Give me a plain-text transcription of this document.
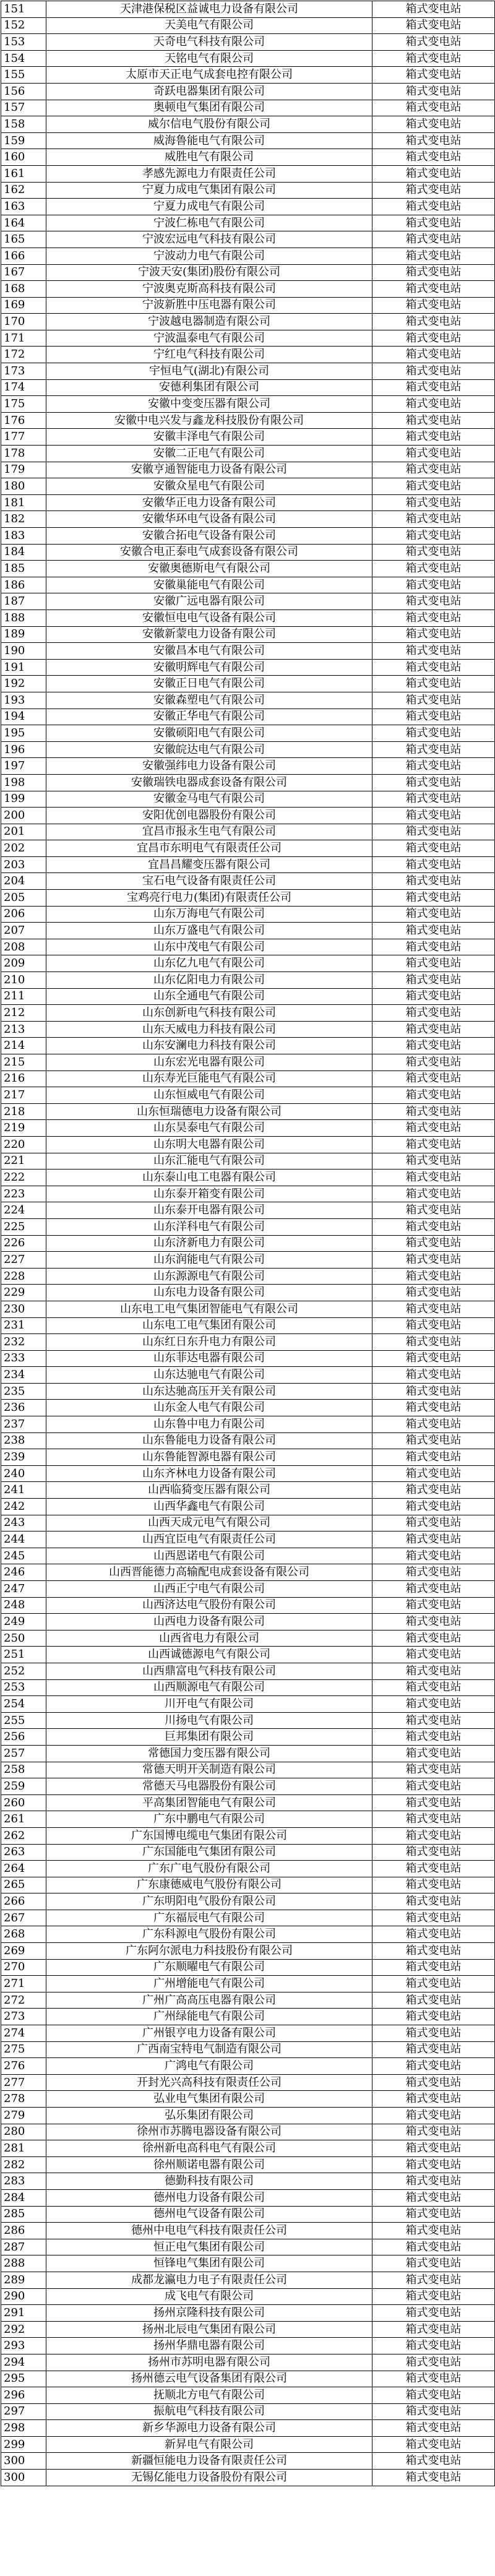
151	天津港保税区益诚电力设备有限公司	箱式变电站
152	天美电气有限公司	箱式变电站
153	天奇电气科技有限公司	箱式变电站
154	天铭电气有限公司	箱式变电站
155	太原市天正电气成套电控有限公司	箱式变电站
156	奇跃电器集团有限公司	箱式变电站
157	奥顿电气集团有限公司	箱式变电站
158	威尔信电气股份有限公司	箱式变电站
159	威海鲁能电气有限公司	箱式变电站
160	威胜电气有限公司	箱式变电站
161	孝感先源电力有限责任公司	箱式变电站
162	宁夏力成电气集团有限公司	箱式变电站
163	宁夏力成电气有限公司	箱式变电站
164	宁波仁栋电气有限公司	箱式变电站
165	宁波宏远电气科技有限公司	箱式变电站
166	宁波动力电气有限公司	箱式变电站
167	宁波天安(集团)股份有限公司	箱式变电站
168	宁波奥克斯高科技有限公司	箱式变电站
169	宁波新胜中压电器有限公司	箱式变电站
170	宁波越电器制造有限公司	箱式变电站
171	宁波温泰电气有限公司	箱式变电站
172	宁红电气科技有限公司	箱式变电站
173	宇恒电气(湖北)有限公司	箱式变电站
174	安德利集团有限公司	箱式变电站
175	安徽中变变压器有限公司	箱式变电站
176	安徽中电兴发与鑫龙科技股份有限公司	箱式变电站
177	安徽丰泽电气有限公司	箱式变电站
178	安徽二正电气有限公司	箱式变电站
179	安徽亨通智能电力设备有限公司	箱式变电站
180	安徽众星电气有限公司	箱式变电站
181	安徽华正电力设备有限公司	箱式变电站
182	安徽华环电气设备有限公司	箱式变电站
183	安徽合拓电气设备有限公司	箱式变电站
184	安徽合电正泰电气成套设备有限公司	箱式变电站
185	安徽奥德斯电气有限公司	箱式变电站
186	安徽巢能电气有限公司	箱式变电站
187	安徽广远电器有限公司	箱式变电站
188	安徽恒电电气设备有限公司	箱式变电站
189	安徽新蒙电力设备有限公司	箱式变电站
190	安徽昌本电气有限公司	箱式变电站
191	安徽明辉电气有限公司	箱式变电站
192	安徽正日电气有限公司	箱式变电站
193	安徽森塑电气有限公司	箱式变电站
194	安徽正华电气有限公司	箱式变电站
195	安徽硕阳电气有限公司	箱式变电站
196	安徽皖达电气有限公司	箱式变电站
197	安徽强纬电力设备有限公司	箱式变电站
198	安徽瑞铁电器成套设备有限公司	箱式变电站
199	安徽金马电气有限公司	箱式变电站
200	安阳优创电器股份有限公司	箱式变电站
201	宜昌市报永生电气有限公司	箱式变电站
202	宜昌市东明电气有限责任公司	箱式变电站
203	宜昌昌耀变压器有限公司	箱式变电站
204	宝石电气设备有限责任公司	箱式变电站
205	宝鸡亮行电力(集团)有限责任公司	箱式变电站
206	山东万海电气有限公司	箱式变电站
207	山东万盛电气有限公司	箱式变电站
208	山东中茂电气有限公司	箱式变电站
209	山东亿九电气有限公司	箱式变电站
210	山东亿阳电力有限公司	箱式变电站
211	山东全通电气有限公司	箱式变电站
212	山东创新电气科技有限公司	箱式变电站
213	山东天威电力科技有限公司	箱式变电站
214	山东安澜电力科技有限公司	箱式变电站
215	山东宏光电器有限公司	箱式变电站
216	山东寿光巨能电气有限公司	箱式变电站
217	山东恒威电气有限公司	箱式变电站
218	山东恒瑞德电力设备有限公司	箱式变电站
219	山东昊泰电气有限公司	箱式变电站
220	山东明大电器有限公司	箱式变电站
221	山东汇能电气有限公司	箱式变电站
222	山东泰山电工电器有限公司	箱式变电站
223	山东泰开箱变有限公司	箱式变电站
224	山东泰开电器有限公司	箱式变电站
225	山东洋科电气有限公司	箱式变电站
226	山东济新电力有限公司	箱式变电站
227	山东润能电气有限公司	箱式变电站
228	山东源源电气有限公司	箱式变电站
229	山东电力设备有限公司	箱式变电站
230	山东电工电气集团智能电气有限公司	箱式变电站
231	山东电工电气集团有限公司	箱式变电站
232	山东红日东升电力有限公司	箱式变电站
233	山东菲达电器有限公司	箱式变电站
234	山东达驰电气有限公司	箱式变电站
235	山东达驰高压开关有限公司	箱式变电站
236	山东金人电气有限公司	箱式变电站
237	山东鲁中电力有限公司	箱式变电站
238	山东鲁能电力设备有限公司	箱式变电站
239	山东鲁能智源电器有限公司	箱式变电站
240	山东齐林电力设备有限公司	箱式变电站
241	山西临猗变压器有限公司	箱式变电站
242	山西华鑫电气有限公司	箱式变电站
243	山西天成元电气有限公司	箱式变电站
244	山西宜臣电气有限责任公司	箱式变电站
245	山西恩诺电气有限公司	箱式变电站
246	山西晋能德力高输配电成套设备有限公司	箱式变电站
247	山西正宁电气有限公司	箱式变电站
248	山西济达电气股份有限公司	箱式变电站
249	山西电力设备有限公司	箱式变电站
250	山西省电力有限公司	箱式变电站
251	山西诚德源电气有限公司	箱式变电站
252	山西鼎富电气科技有限公司	箱式变电站
253	山西顺源电气有限公司	箱式变电站
254	川开电气有限公司	箱式变电站
255	川扬电气有限公司	箱式变电站
256	巨邦集团有限公司	箱式变电站
257	常德国力变压器有限公司	箱式变电站
258	常德天明开关制造有限公司	箱式变电站
259	常德天马电器股份有限公司	箱式变电站
260	平高集团智能电气有限公司	箱式变电站
261	广东中鹏电气有限公司	箱式变电站
262	广东国博电缆电气集团有限公司	箱式变电站
263	广东国能电气集团有限公司	箱式变电站
264	广东广电气股份有限公司	箱式变电站
265	广东康德威电气股份有限公司	箱式变电站
266	广东明阳电气股份有限公司	箱式变电站
267	广东福辰电气有限公司	箱式变电站
268	广东科源电气股份有限公司	箱式变电站
269	广东阿尔派电力科技股份有限公司	箱式变电站
270	广东顺曜电气有限公司	箱式变电站
271	广州增能电气有限公司	箱式变电站
272	广州广高高压电器有限公司	箱式变电站
273	广州绿能电气有限公司	箱式变电站
274	广州银亨电力设备有限公司	箱式变电站
275	广西南宝特电气制造有限公司	箱式变电站
276	广鸿电气有限公司	箱式变电站
277	开封光兴高科技有限责任公司	箱式变电站
278	弘业电气集团有限公司	箱式变电站
279	弘乐集团有限公司	箱式变电站
280	徐州市苏腾电器设备有限公司	箱式变电站
281	徐州新电高科电气有限公司	箱式变电站
282	徐州顺诺电器有限公司	箱式变电站
283	德勤科技有限公司	箱式变电站
284	德州电力设备有限公司	箱式变电站
285	德州电气设备有限公司	箱式变电站
286	德州中电电气科技有限责任公司	箱式变电站
287	恒正电气集团有限公司	箱式变电站
288	恒锋电气集团有限公司	箱式变电站
289	成都龙瀛电力电子有限责任公司	箱式变电站
290	成飞电气有限公司	箱式变电站
291	扬州京隆科技有限公司	箱式变电站
292	扬州北辰电气集团有限公司	箱式变电站
293	扬州华鼎电器有限公司	箱式变电站
294	扬州市苏明电器有限公司	箱式变电站
295	扬州德云电气设备集团有限公司	箱式变电站
296	抚顺北方电气有限公司	箱式变电站
297	振航电气科技有限公司	箱式变电站
298	新乡华源电力设备有限公司	箱式变电站
299	新昇电气有限公司	箱式变电站
300	新疆恒能电力设备有限责任公司	箱式变电站
300	无锡亿能电力设备股份有限公司	箱式变电站
